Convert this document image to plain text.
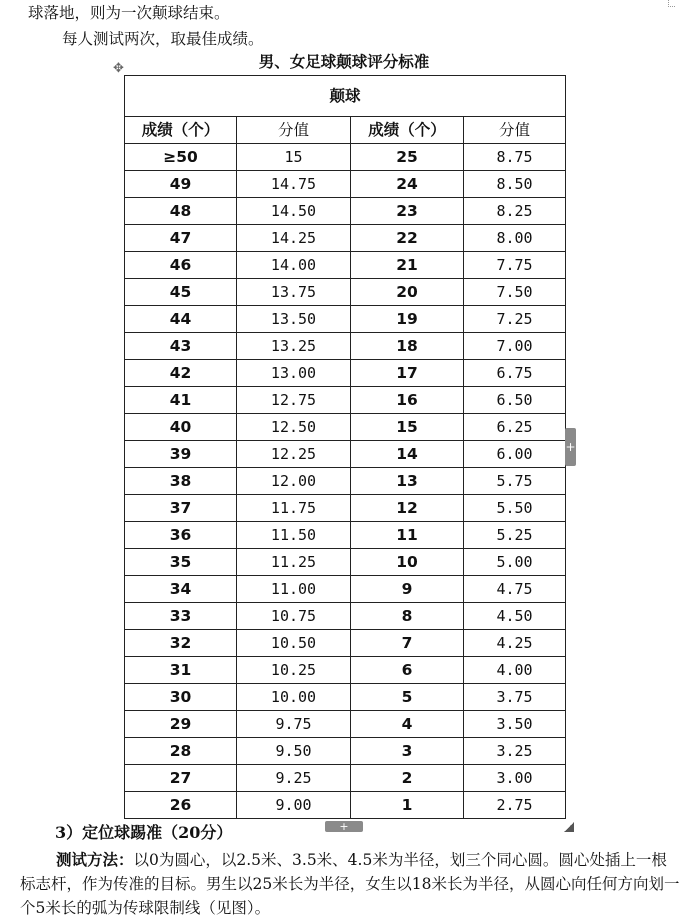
球落地，则为一次颠球结束。
每人测试两次，取最佳成绩。
✥	男、女足球颠球评分标准
颠球			
成绩（个）	分值	成绩（个）	分值
≥50	15	25	8.75
49	14.75	24	8.50
48	14.50	23	8.25
47	14.25	22	8.00
46	14.00	21	7.75
45	13.75	20	7.50
44	13.50	19	7.25
43	13.25	18	7.00
42	13.00	17	6.75
41	12.75	16	6.50
40	12.50	15	6.25
39	12.25	14	6.00
38	12.00	13	5.75
37	11.75	12	5.50
36	11.50	11	5.25
35	11.25	10	5.00
34	11.00	9	4.75
33	10.75	8	4.50
32	10.50	7	4.25
31	10.25	6	4.00
30	10.00	5	3.75
29	9.75	4	3.50
28	9.50	3	3.25
27	9.25	2	3.00
26	9.00	1	2.75
+
+
3）定位球踢准（20分）
测试方法：以0为圆心，以2.5米、3.5米、4.5米为半径，划三个同心圆。圆心处插上一根标志杆，作为传准的目标。男生以25米长为半径，女生以18米长为半径，从圆心向任何方向划一个5米长的弧为传球限制线（见图）。
